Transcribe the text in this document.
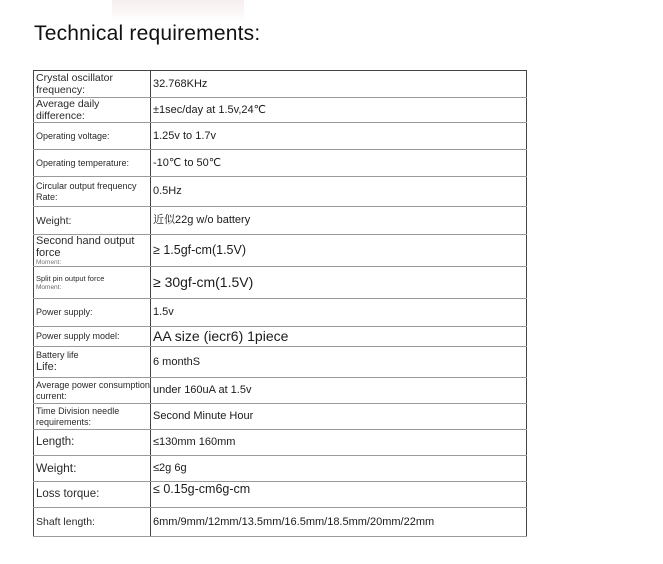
Technical requirements:
Crystal oscillator frequency:	32.768KHz
Average daily difference:	±1sec/day at 1.5v,24℃
Operating voltage:	1.25v to 1.7v
Operating temperature:	-10℃ to 50℃

Circular output frequency
Rate:	0.5Hz
Weight:	近似22g w/o battery

Second hand output force
Moment:	≥ 1.5gf-cm(1.5V)

Split pin output force
Moment:	≥ 30gf-cm(1.5V)
Power supply:	1.5v
Power supply model:	AA size (iecr6) 1piece

Battery life
Life:	6 monthS
Average power consumption current:	under 160uA at 1.5v
Time Division needle requirements:	Second Minute Hour
Length:	≤130mm 160mm
Weight:	≤2g 6g
Loss torque:	≤ 0.15g-cm6g-cm
Shaft length:	6mm/9mm/12mm/13.5mm/16.5mm/18.5mm/20mm/22mm
